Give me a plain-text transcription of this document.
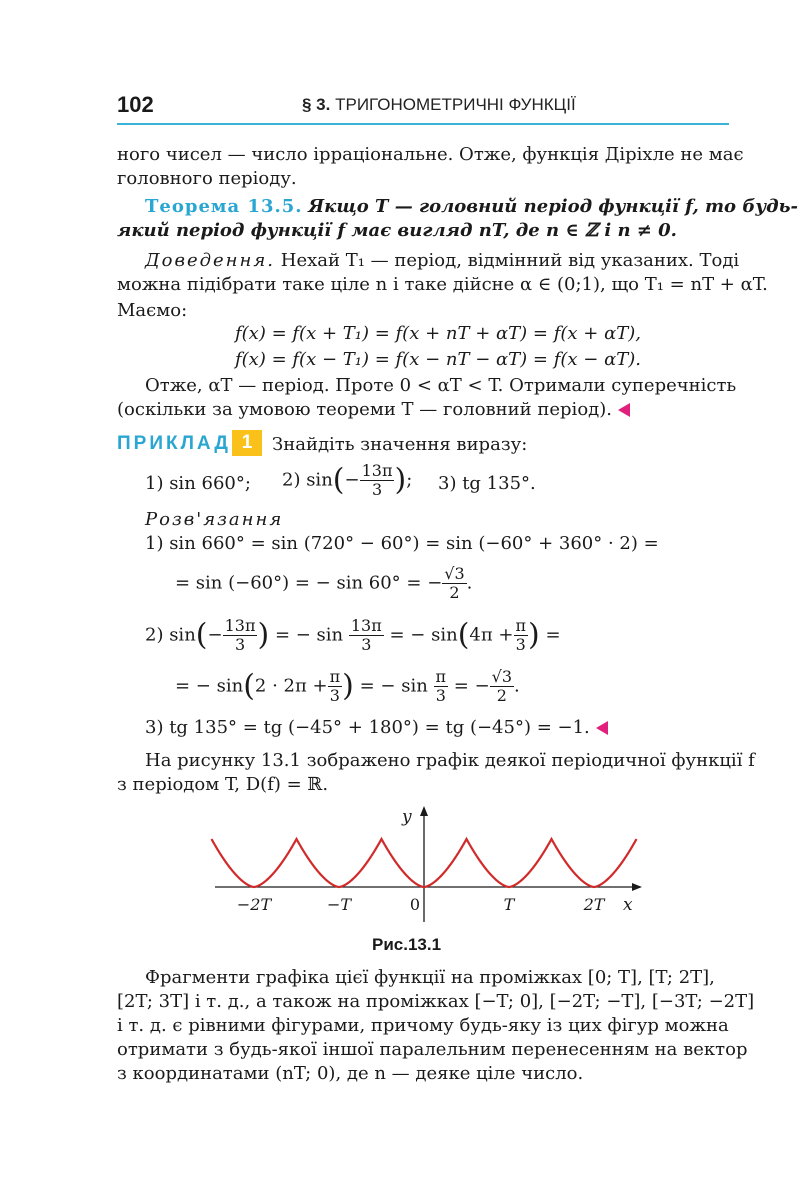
102	§ 3. ТРИГОНОМЕТРИЧНІ ФУНКЦІЇ
ного чисел — число ірраціональне. Отже, функція Діріхле не має
головного періоду.
Теорема 13.5. Якщо T — головний період функції f, то будь-
який період функції f має вигляд nT, де n ∈ ℤ і n ≠ 0.
Доведення. Нехай T₁ — період, відмінний від указаних. Тоді
можна підібрати таке ціле n і таке дійсне α ∈ (0;1), що T₁ = nT + αT.
Маємо:
f(x) = f(x + T₁) = f(x + nT + αT) = f(x + αT),
f(x) = f(x − T₁) = f(x − nT − αT) = f(x − αT).
Отже, αT — період. Проте 0 < αT < T. Отримали суперечність
(оскільки за умовою теореми T — головний період).
ПРИКЛАД 1	Знайдіть значення виразу:
1) sin 660°; 2) $\sin(- \frac{13\pi}{3}$ ); 3) tg 135°.
Розв'язання
1) sin 660° = sin (720° − 60°) = sin (−60° + 360° · 2) =
= sin (−60°) = − sin 60° = − $\frac{√3}{2}$ .
2) $\sin(- \frac{13\pi}{3}$ ) = − $\sin \frac{13\pi}{3}$ = − $\sin(4\pi + \frac{\pi}{3}$ ) =
= − $\sin(2 \cdot 2\pi + \frac{\pi}{3}$ ) = − $\sin \frac{\pi}{3}$ = − $\frac{√3}{2}$ .
3) tg 135° = tg (−45° + 180°) = tg (−45°) = −1.
На рисунку 13.1 зображено графік деякої періодичної функції f
з періодом T, D(f) = ℝ.
y
x
−2T	−T	0	T	2T
Рис.13.1
Фрагменти графіка цієї функції на проміжках [0; T], [T; 2T],
[2T; 3T] і т. д., а також на проміжках [−T; 0], [−2T; −T], [−3T; −2T]
і т. д. є рівними фігурами, причому будь-яку із цих фігур можна
отримати з будь-якої іншої паралельним перенесенням на вектор
з координатами (nT; 0), де n — деяке ціле число.
